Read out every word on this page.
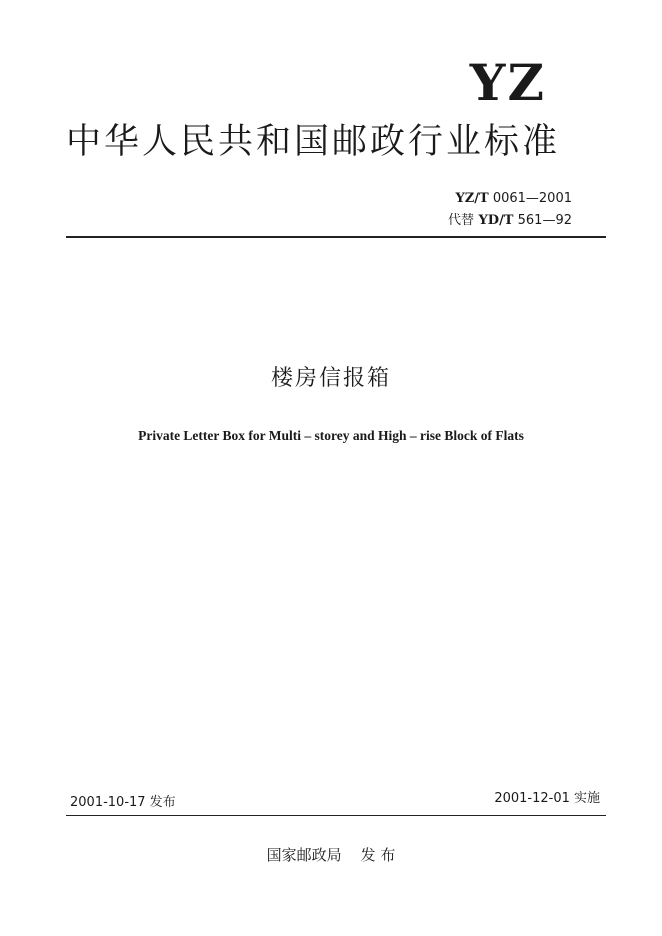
YZ
中华人民共和国邮政行业标准
YZ/T 0061—2001
代替 YD/T 561—92
楼房信报箱
Private Letter Box for Multi – storey and High – rise Block of Flats
2001-10-17 发布	2001-12-01 实施
国家邮政局    发 布
